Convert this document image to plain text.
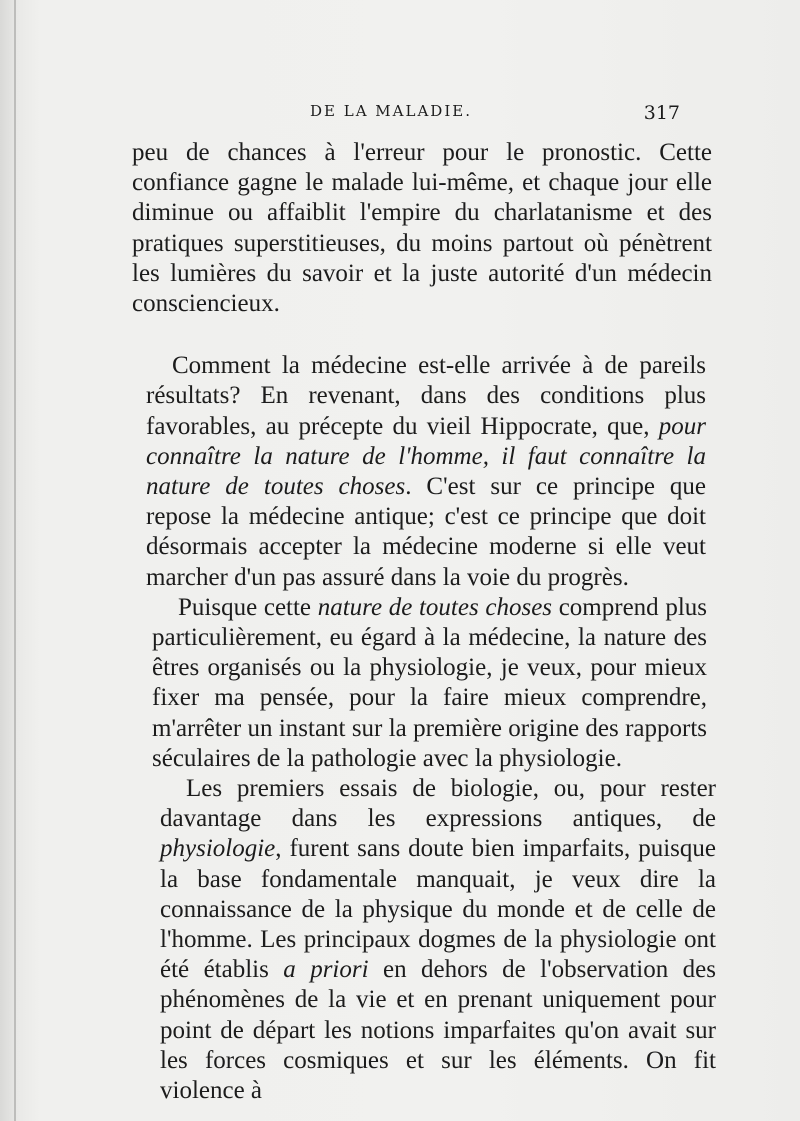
DE LA MALADIE.	317

peu de chances à l'erreur pour le pronostic. Cette confiance gagne le malade lui-même, et chaque jour elle diminue ou affaiblit l'empire du charlatanisme et des pratiques superstitieuses, du moins partout où pénètrent les lumières du savoir et la juste autorité d'un médecin consciencieux.

Comment la médecine est-elle arrivée à de pareils résultats? En revenant, dans des conditions plus favorables, au précepte du vieil Hippocrate, que, pour connaître la nature de l'homme, il faut connaître la nature de toutes choses. C'est sur ce principe que repose la médecine antique; c'est ce principe que doit désormais accepter la médecine moderne si elle veut marcher d'un pas assuré dans la voie du progrès.

Puisque cette nature de toutes choses comprend plus particulièrement, eu égard à la médecine, la nature des êtres organisés ou la physiologie, je veux, pour mieux fixer ma pensée, pour la faire mieux comprendre, m'arrêter un instant sur la première origine des rapports séculaires de la pathologie avec la physiologie.

Les premiers essais de biologie, ou, pour rester davantage dans les expressions antiques, de physiologie, furent sans doute bien imparfaits, puisque la base fondamentale manquait, je veux dire la connaissance de la physique du monde et de celle de l'homme. Les principaux dogmes de la physiologie ont été établis a priori en dehors de l'observation des phénomènes de la vie et en prenant uniquement pour point de départ les notions imparfaites qu'on avait sur les forces cosmiques et sur les éléments. On fit violence à
